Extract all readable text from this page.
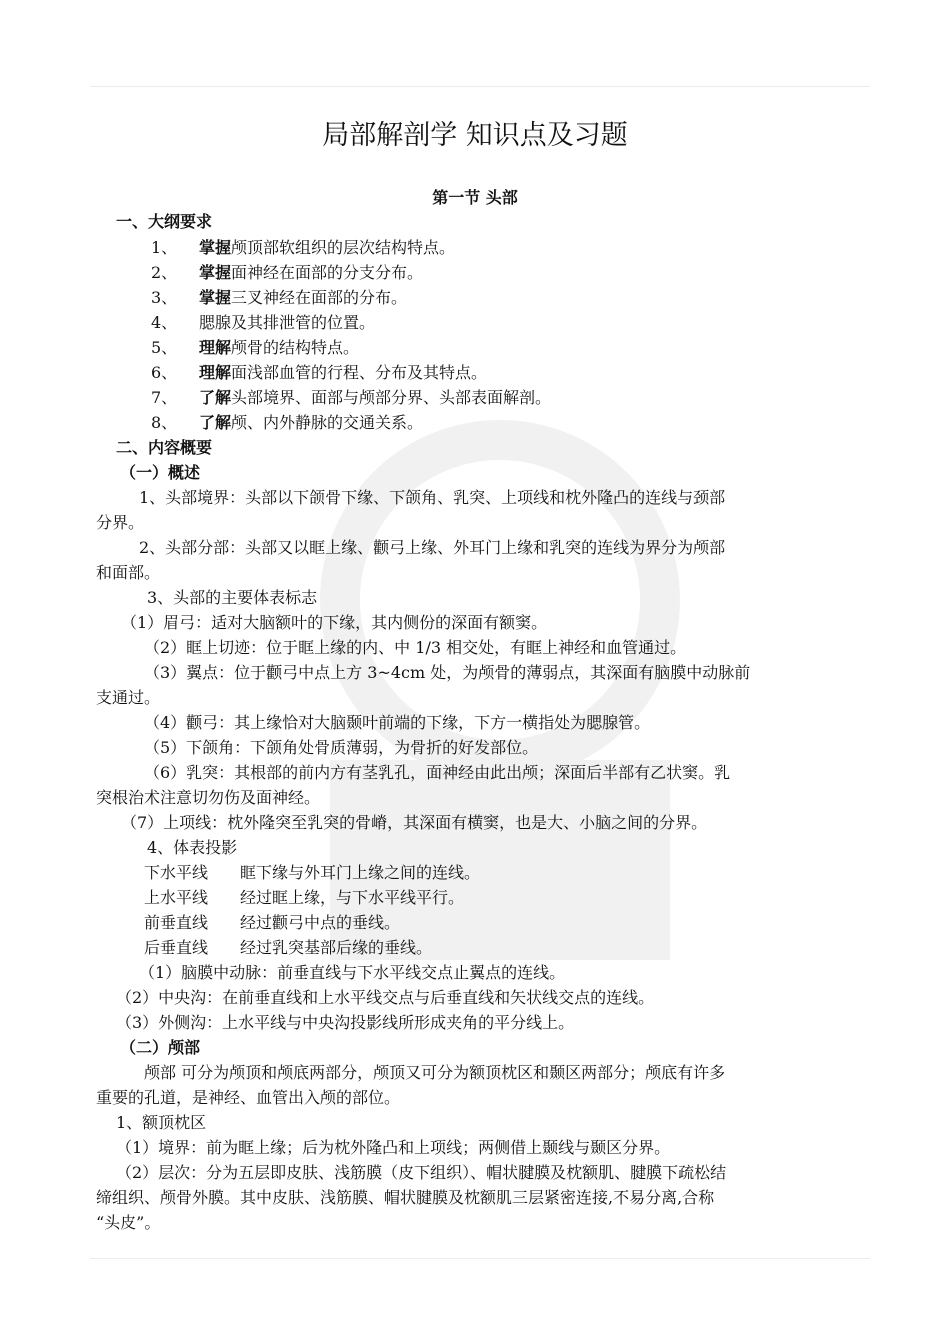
局部解剖学 知识点及习题
第一节 头部
一、大纲要求
1、 掌握颅顶部软组织的层次结构特点。
2、 掌握面神经在面部的分支分布。
3、 掌握三叉神经在面部的分布。
4、 腮腺及其排泄管的位置。
5、 理解颅骨的结构特点。
6、 理解面浅部血管的行程、分布及其特点。
7、 了解头部境界、面部与颅部分界、头部表面解剖。
8、 了解颅、内外静脉的交通关系。
二、内容概要
（一）概述
1、头部境界：头部以下颌骨下缘、下颌角、乳突、上项线和枕外隆凸的连线与颈部
分界。
2、头部分部：头部又以眶上缘、颧弓上缘、外耳门上缘和乳突的连线为界分为颅部
和面部。
3、头部的主要体表标志
（1）眉弓：适对大脑额叶的下缘，其内侧份的深面有额窦。
（2）眶上切迹：位于眶上缘的内、中 1/3 相交处，有眶上神经和血管通过。
（3）翼点：位于颧弓中点上方 3~4cm 处，为颅骨的薄弱点，其深面有脑膜中动脉前
支通过。
（4）颧弓：其上缘恰对大脑颞叶前端的下缘，下方一横指处为腮腺管。
（5）下颌角：下颌角处骨质薄弱，为骨折的好发部位。
（6）乳突：其根部的前内方有茎乳孔，面神经由此出颅；深面后半部有乙状窦。乳
突根治术注意切勿伤及面神经。
（7）上项线：枕外隆突至乳突的骨嵴，其深面有横窦，也是大、小脑之间的分界。
4、体表投影
下水平线 眶下缘与外耳门上缘之间的连线。
上水平线 经过眶上缘，与下水平线平行。
前垂直线 经过颧弓中点的垂线。
后垂直线 经过乳突基部后缘的垂线。
（1）脑膜中动脉：前垂直线与下水平线交点止翼点的连线。
（2）中央沟：在前垂直线和上水平线交点与后垂直线和矢状线交点的连线。
（3）外侧沟：上水平线与中央沟投影线所形成夹角的平分线上。
（二）颅部
颅部 可分为颅顶和颅底两部分，颅顶又可分为额顶枕区和颞区两部分；颅底有许多
重要的孔道，是神经、血管出入颅的部位。
1、额顶枕区
（1）境界：前为眶上缘；后为枕外隆凸和上项线；两侧借上颞线与颞区分界。
（2）层次：分为五层即皮肤、浅筋膜（皮下组织）、帽状腱膜及枕额肌、腱膜下疏松结
缔组织、颅骨外膜。其中皮肤、浅筋膜、帽状腱膜及枕额肌三层紧密连接,不易分离,合称
“头皮”。
